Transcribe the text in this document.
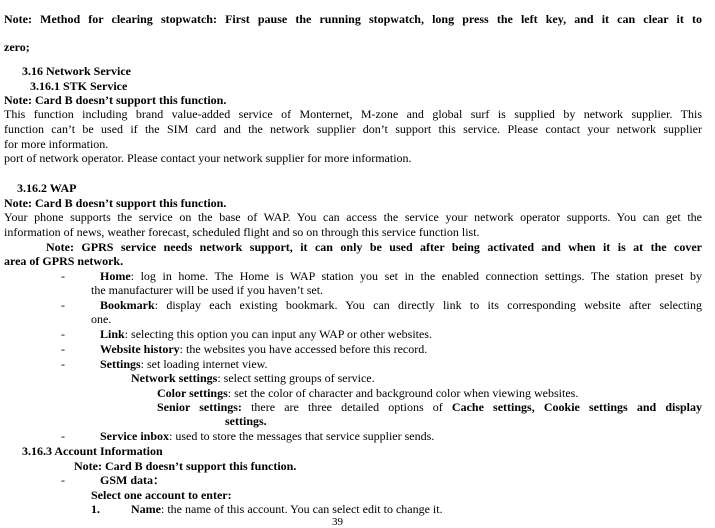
Note: Method for clearing stopwatch: First pause the running stopwatch, long press the left key, and it can clear it to
zero;
3.16 Network Service
3.16.1 STK Service
Note: Card B doesn’t support this function.
This function including brand value-added service of Monternet, M-zone and global surf is supplied by network supplier. This
function can’t be used if the SIM card and the network supplier don’t support this service. Please contact your network supplier
for more information.
port of network operator. Please contact your network supplier for more information.
3.16.2 WAP
Note: Card B doesn’t support this function.
Your phone supports the service on the base of WAP. You can access the service your network operator supports. You can get the
information of news, weather forecast, scheduled flight and so on through this service function list.
Note: GPRS service needs network support, it can only be used after being activated and when it is at the cover
area of GPRS network.
-	Home: log in home. The Home is WAP station you set in the enabled connection settings. The station preset by
the manufacturer will be used if you haven’t set.
-	Bookmark: display each existing bookmark. You can directly link to its corresponding website after selecting
one.
-	Link: selecting this option you can input any WAP or other websites.
-	Website history: the websites you have accessed before this record.
-	Settings: set loading internet view.
Network settings: select setting groups of service.
Color settings: set the color of character and background color when viewing websites.
Senior settings: there are three detailed options of Cache settings, Cookie settings and display
settings.
-	Service inbox: used to store the messages that service supplier sends.
3.16.3 Account Information
Note: Card B doesn’t support this function.
-	GSM data：
Select one account to enter:
1.	Name: the name of this account. You can select edit to change it.
39
